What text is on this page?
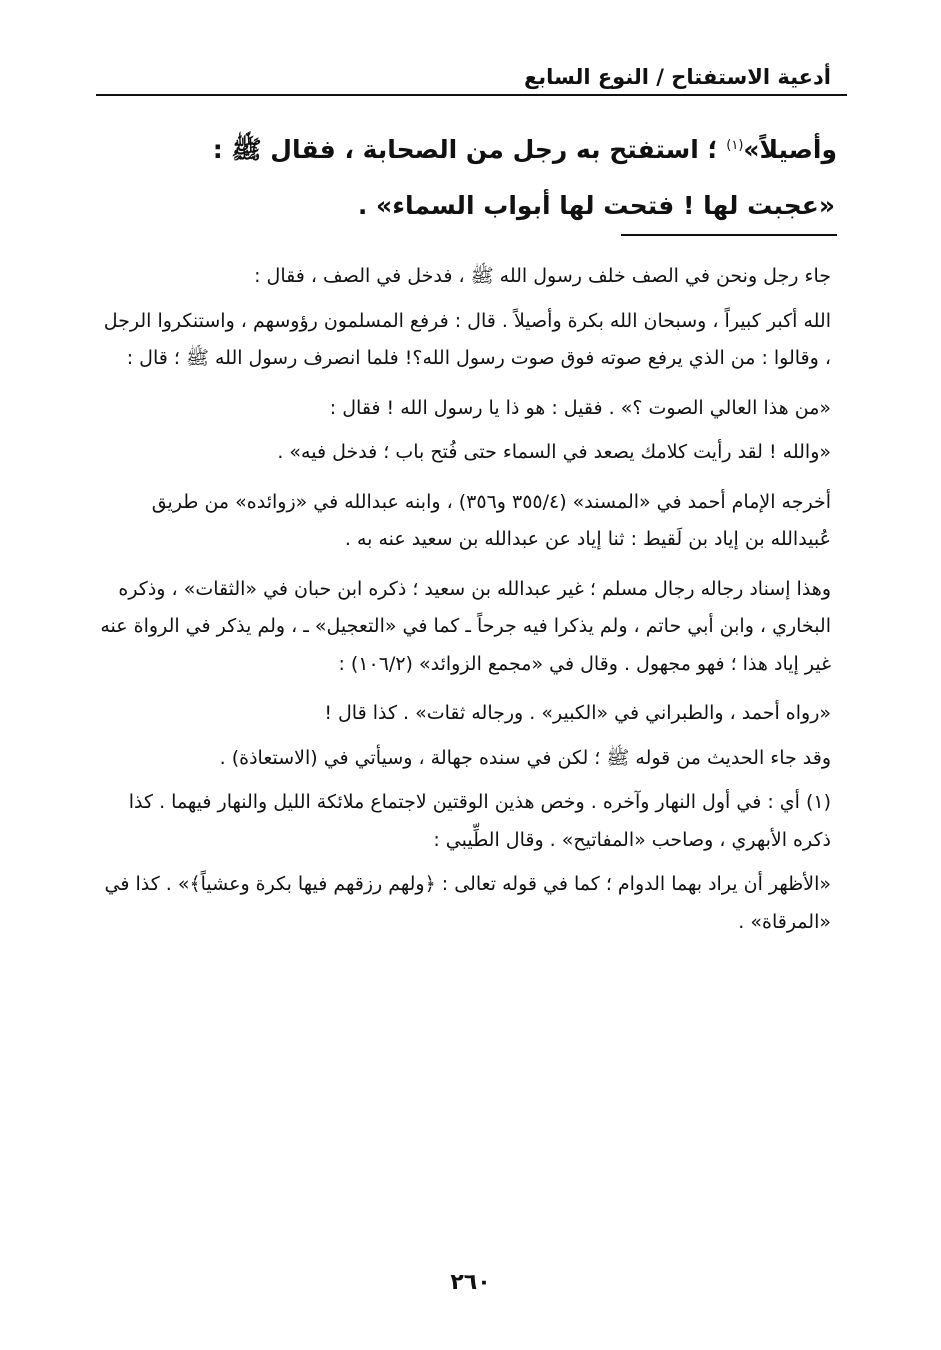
أدعية الاستفتاح / النوع السابع
وأصيلاً»$^{(١)}$ ؛ استفتح به رجل من الصحابة ، فقال ﷺ :
«عجبت لها ! فتحت لها أبواب السماء» .

جاء رجل ونحن في الصف خلف رسول الله ﷺ ، فدخل في الصف ، فقال :

الله أكبر كبيراً ، وسبحان الله بكرة وأصيلاً . قال : فرفع المسلمون رؤوسهم ، واستنكروا الرجل ، وقالوا : من الذي يرفع صوته فوق صوت رسول الله؟! فلما انصرف رسول الله ﷺ ؛ قال :

«من هذا العالي الصوت ؟» . فقيل : هو ذا يا رسول الله ! فقال :

«والله ! لقد رأيت كلامك يصعد في السماء حتى فُتح باب ؛ فدخل فيه» .

أخرجه الإمام أحمد في «المسند» (٣٥٥/٤ و٣٥٦) ، وابنه عبدالله في «زوائده» من طريق عُبيدالله بن إياد بن لَقيط : ثنا إياد عن عبدالله بن سعيد عنه به .

وهذا إسناد رجاله رجال مسلم ؛ غير عبدالله بن سعيد ؛ ذكره ابن حبان في «الثقات» ، وذكره البخاري ، وابن أبي حاتم ، ولم يذكرا فيه جرحاً ـ كما في «التعجيل» ـ ، ولم يذكر في الرواة عنه غير إياد هذا ؛ فهو مجهول . وقال في «مجمع الزوائد» (١٠٦/٢) :

«رواه أحمد ، والطبراني في «الكبير» . ورجاله ثقات» . كذا قال !

وقد جاء الحديث من قوله ﷺ ؛ لكن في سنده جهالة ، وسيأتي في (الاستعاذة) .

(١) أي : في أول النهار وآخره . وخص هذين الوقتين لاجتماع ملائكة الليل والنهار فيهما . كذا ذكره الأبهري ، وصاحب «المفاتيح» . وقال الطِّيبي :

«الأظهر أن يراد بهما الدوام ؛ كما في قوله تعالى : ﴿ولهم رزقهم فيها بكرة وعشياً﴾» . كذا في «المرقاة» .

٢٦٠
